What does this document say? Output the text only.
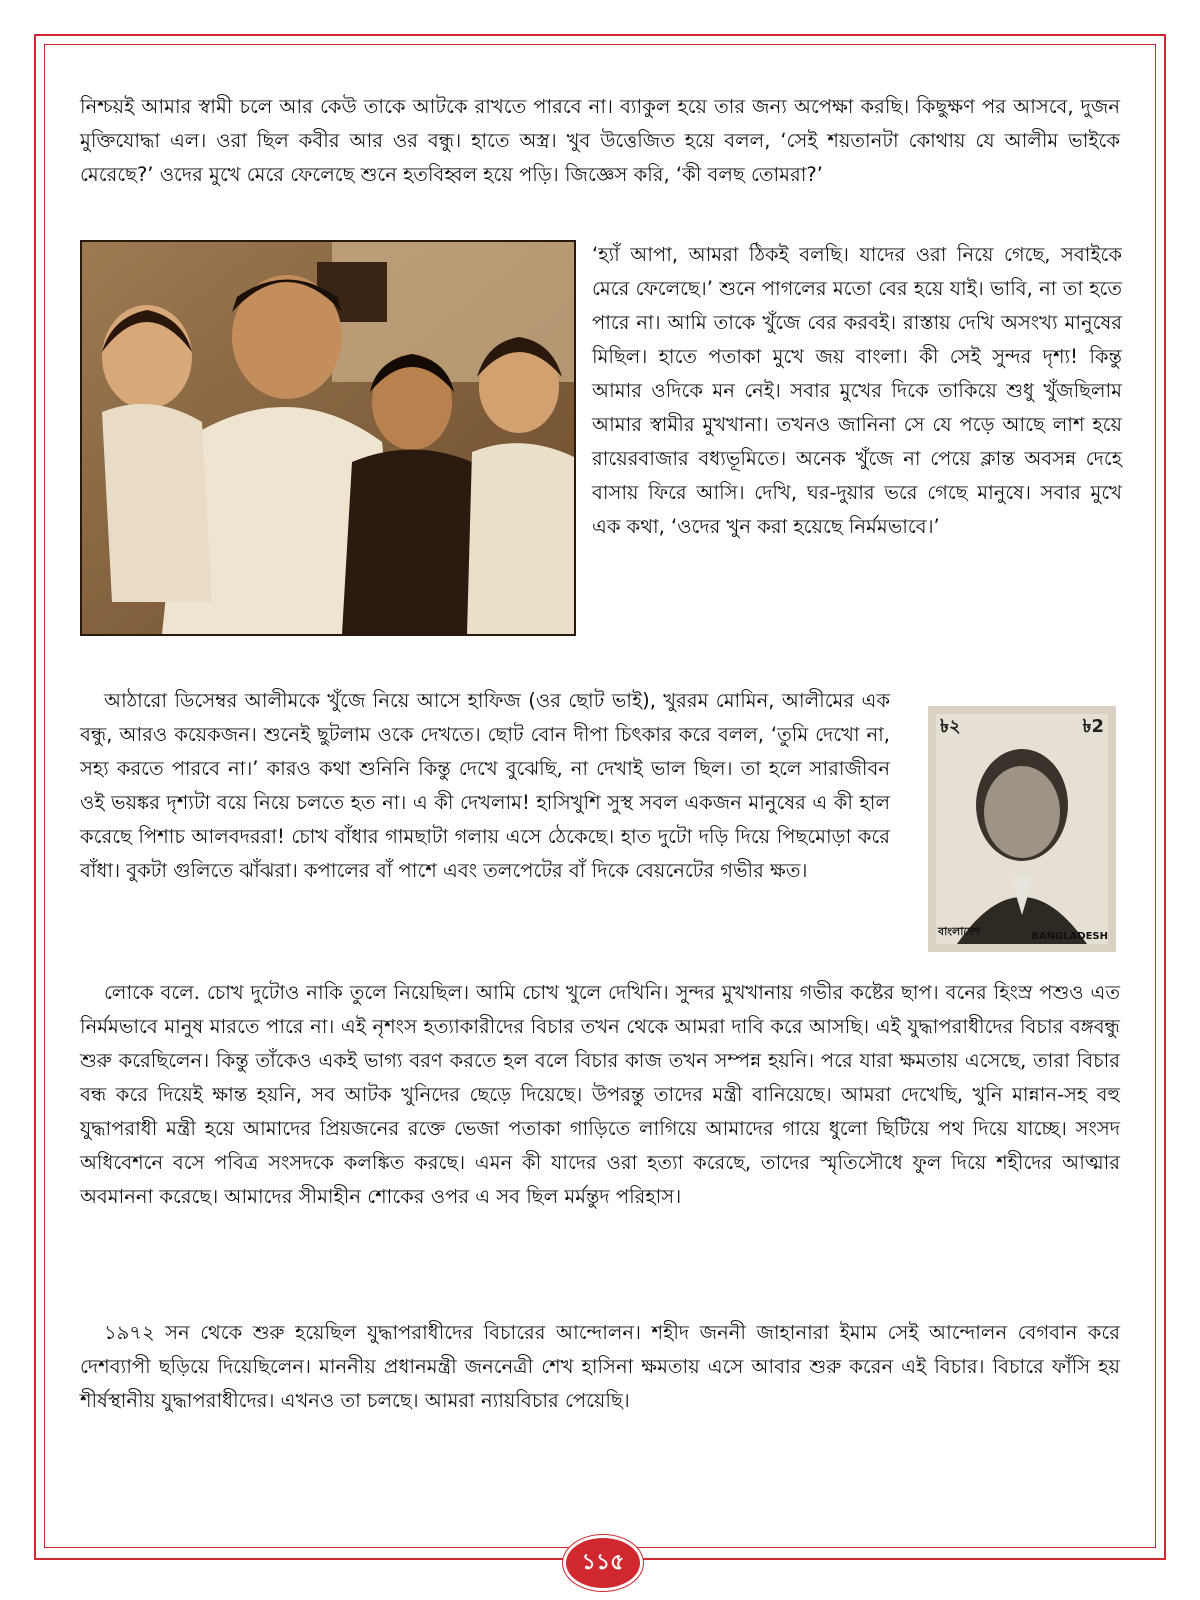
নিশ্চয়ই আমার স্বামী চলে আর কেউ তাকে আটকে রাখতে পারবে না। ব্যাকুল হয়ে তার জন্য অপেক্ষা করছি। কিছুক্ষণ পর আসবে, দুজন মুক্তিযোদ্ধা এল। ওরা ছিল কবীর আর ওর বন্ধু। হাতে অস্ত্র। খুব উত্তেজিত হয়ে বলল, ‘সেই শয়তানটা কোথায় যে আলীম ভাইকে মেরেছে?’ ওদের মুখে মেরে ফেলেছে শুনে হতবিহ্বল হয়ে পড়ি। জিজ্ঞেস করি, ‘কী বলছ তোমরা?’

‘হ্যাঁ আপা, আমরা ঠিকই বলছি। যাদের ওরা নিয়ে গেছে, সবাইকে মেরে ফেলেছে।’ শুনে পাগলের মতো বের হয়ে যাই। ভাবি, না তা হতে পারে না। আমি তাকে খুঁজে বের করবই। রাস্তায় দেখি অসংখ্য মানুষের মিছিল। হাতে পতাকা মুখে জয় বাংলা। কী সেই সুন্দর দৃশ্য! কিন্তু আমার ওদিকে মন নেই। সবার মুখের দিকে তাকিয়ে শুধু খুঁজছিলাম আমার স্বামীর মুখখানা। তখনও জানিনা সে যে পড়ে আছে লাশ হয়ে রায়েরবাজার বধ্যভূমিতে। অনেক খুঁজে না পেয়ে ক্লান্ত অবসন্ন দেহে বাসায় ফিরে আসি। দেখি, ঘর-দুয়ার ভরে গেছে মানুষে। সবার মুখে এক কথা, ‘ওদের খুন করা হয়েছে নির্মমভাবে।’

আঠারো ডিসেম্বর আলীমকে খুঁজে নিয়ে আসে হাফিজ (ওর ছোট ভাই), খুররম মোমিন, আলীমের এক বন্ধু, আরও কয়েকজন। শুনেই ছুটলাম ওকে দেখতে। ছোট বোন দীপা চিৎকার করে বলল, ‘তুমি দেখো না, সহ্য করতে পারবে না।’ কারও কথা শুনিনি কিন্তু দেখে বুঝেছি, না দেখাই ভাল ছিল। তা হলে সারাজীবন ওই ভয়ঙ্কর দৃশ্যটা বয়ে নিয়ে চলতে হত না। এ কী দেখলাম! হাসিখুশি সুস্থ সবল একজন মানুষের এ কী হাল করেছে পিশাচ আলবদররা! চোখ বাঁধার গামছাটা গলায় এসে ঠেকেছে। হাত দুটো দড়ি দিয়ে পিছমোড়া করে বাঁধা। বুকটা গুলিতে ঝাঁঝরা। কপালের বাঁ পাশে এবং তলপেটের বাঁ দিকে বেয়নেটের গভীর ক্ষত।

৳২	৳2
বাংলাদেশ	BANGLADESH

লোকে বলে. চোখ দুটোও নাকি তুলে নিয়েছিল। আমি চোখ খুলে দেখিনি। সুন্দর মুখখানায় গভীর কষ্টের ছাপ। বনের হিংস্র পশুও এত নির্মমভাবে মানুষ মারতে পারে না। এই নৃশংস হত্যাকারীদের বিচার তখন থেকে আমরা দাবি করে আসছি। এই যুদ্ধাপরাধীদের বিচার বঙ্গবন্ধু শুরু করেছিলেন। কিন্তু তাঁকেও একই ভাগ্য বরণ করতে হল বলে বিচার কাজ তখন সম্পন্ন হয়নি। পরে যারা ক্ষমতায় এসেছে, তারা বিচার বন্ধ করে দিয়েই ক্ষান্ত হয়নি, সব আটক খুনিদের ছেড়ে দিয়েছে। উপরন্তু তাদের মন্ত্রী বানিয়েছে। আমরা দেখেছি, খুনি মান্নান-সহ বহু যুদ্ধাপরাধী মন্ত্রী হয়ে আমাদের প্রিয়জনের রক্তে ভেজা পতাকা গাড়িতে লাগিয়ে আমাদের গায়ে ধুলো ছিটিয়ে পথ দিয়ে যাচ্ছে। সংসদ অধিবেশনে বসে পবিত্র সংসদকে কলঙ্কিত করছে। এমন কী যাদের ওরা হত্যা করেছে, তাদের স্মৃতিসৌধে ফুল দিয়ে শহীদের আত্মার অবমাননা করেছে। আমাদের সীমাহীন শোকের ওপর এ সব ছিল মর্মন্তুদ পরিহাস।

১৯৭২ সন থেকে শুরু হয়েছিল যুদ্ধাপরাধীদের বিচারের আন্দোলন। শহীদ জননী জাহানারা ইমাম সেই আন্দোলন বেগবান করে দেশব্যাপী ছড়িয়ে দিয়েছিলেন। মাননীয় প্রধানমন্ত্রী জননেত্রী শেখ হাসিনা ক্ষমতায় এসে আবার শুরু করেন এই বিচার। বিচারে ফাঁসি হয় শীর্ষস্থানীয় যুদ্ধাপরাধীদের। এখনও তা চলছে। আমরা ন্যায়বিচার পেয়েছি।

১১৫
